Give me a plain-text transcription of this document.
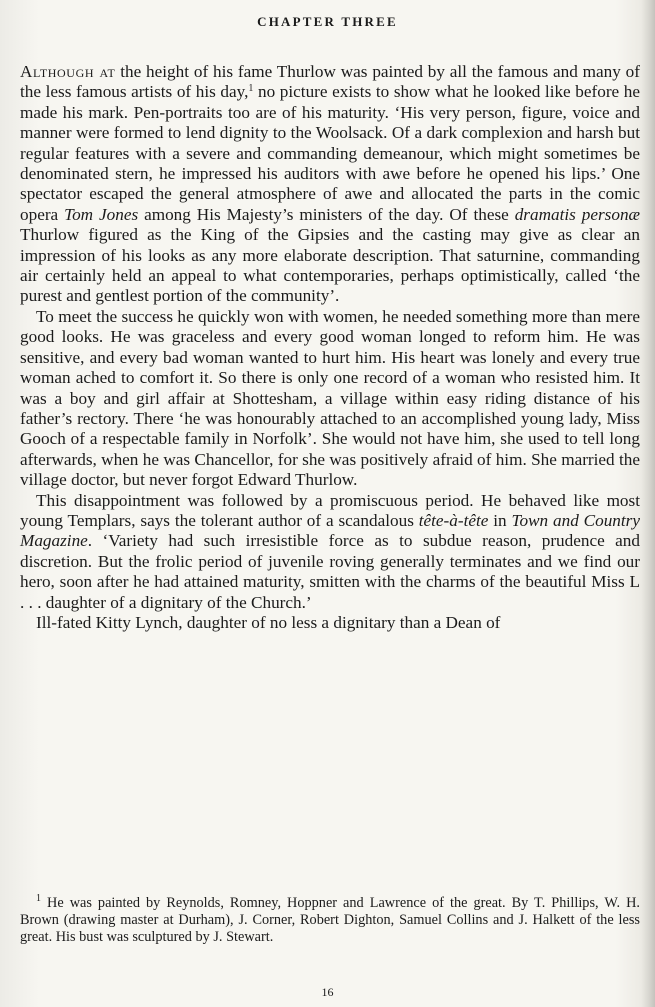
CHAPTER THREE

Although at the height of his fame Thurlow was painted by all the famous and many of the less famous artists of his day,$^1$ no picture exists to show what he looked like before he made his mark. Pen-portraits too are of his maturity. ‘His very person, figure, voice and manner were formed to lend dignity to the Woolsack. Of a dark complexion and harsh but regular features with a severe and commanding demeanour, which might sometimes be denominated stern, he impressed his auditors with awe before he opened his lips.’ One spectator escaped the general atmosphere of awe and allocated the parts in the comic opera Tom Jones among His Majesty’s ministers of the day. Of these dramatis personæ Thurlow figured as the King of the Gipsies and the casting may give as clear an impression of his looks as any more elaborate description. That saturnine, commanding air certainly held an appeal to what contemporaries, perhaps optimistically, called ‘the purest and gentlest portion of the community’.

To meet the success he quickly won with women, he needed something more than mere good looks. He was graceless and every good woman longed to reform him. He was sensitive, and every bad woman wanted to hurt him. His heart was lonely and every true woman ached to comfort it. So there is only one record of a woman who resisted him. It was a boy and girl affair at Shottesham, a village within easy riding distance of his father’s rectory. There ‘he was honourably attached to an accomplished young lady, Miss Gooch of a respectable family in Norfolk’. She would not have him, she used to tell long afterwards, when he was Chancellor, for she was positively afraid of him. She married the village doctor, but never forgot Edward Thurlow.

This disappointment was followed by a promiscuous period. He behaved like most young Templars, says the tolerant author of a scandalous tête-à-tête in Town and Country Magazine. ‘Variety had such irresistible force as to subdue reason, prudence and discretion. But the frolic period of juvenile roving generally terminates and we find our hero, soon after he had attained maturity, smitten with the charms of the beautiful Miss L . . . daughter of a dignitary of the Church.’

Ill-fated Kitty Lynch, daughter of no less a dignitary than a Dean of

$^1$ He was painted by Reynolds, Romney, Hoppner and Lawrence of the great. By T. Phillips, W. H. Brown (drawing master at Durham), J. Corner, Robert Dighton, Samuel Collins and J. Halkett of the less great. His bust was sculptured by J. Stewart.
16
